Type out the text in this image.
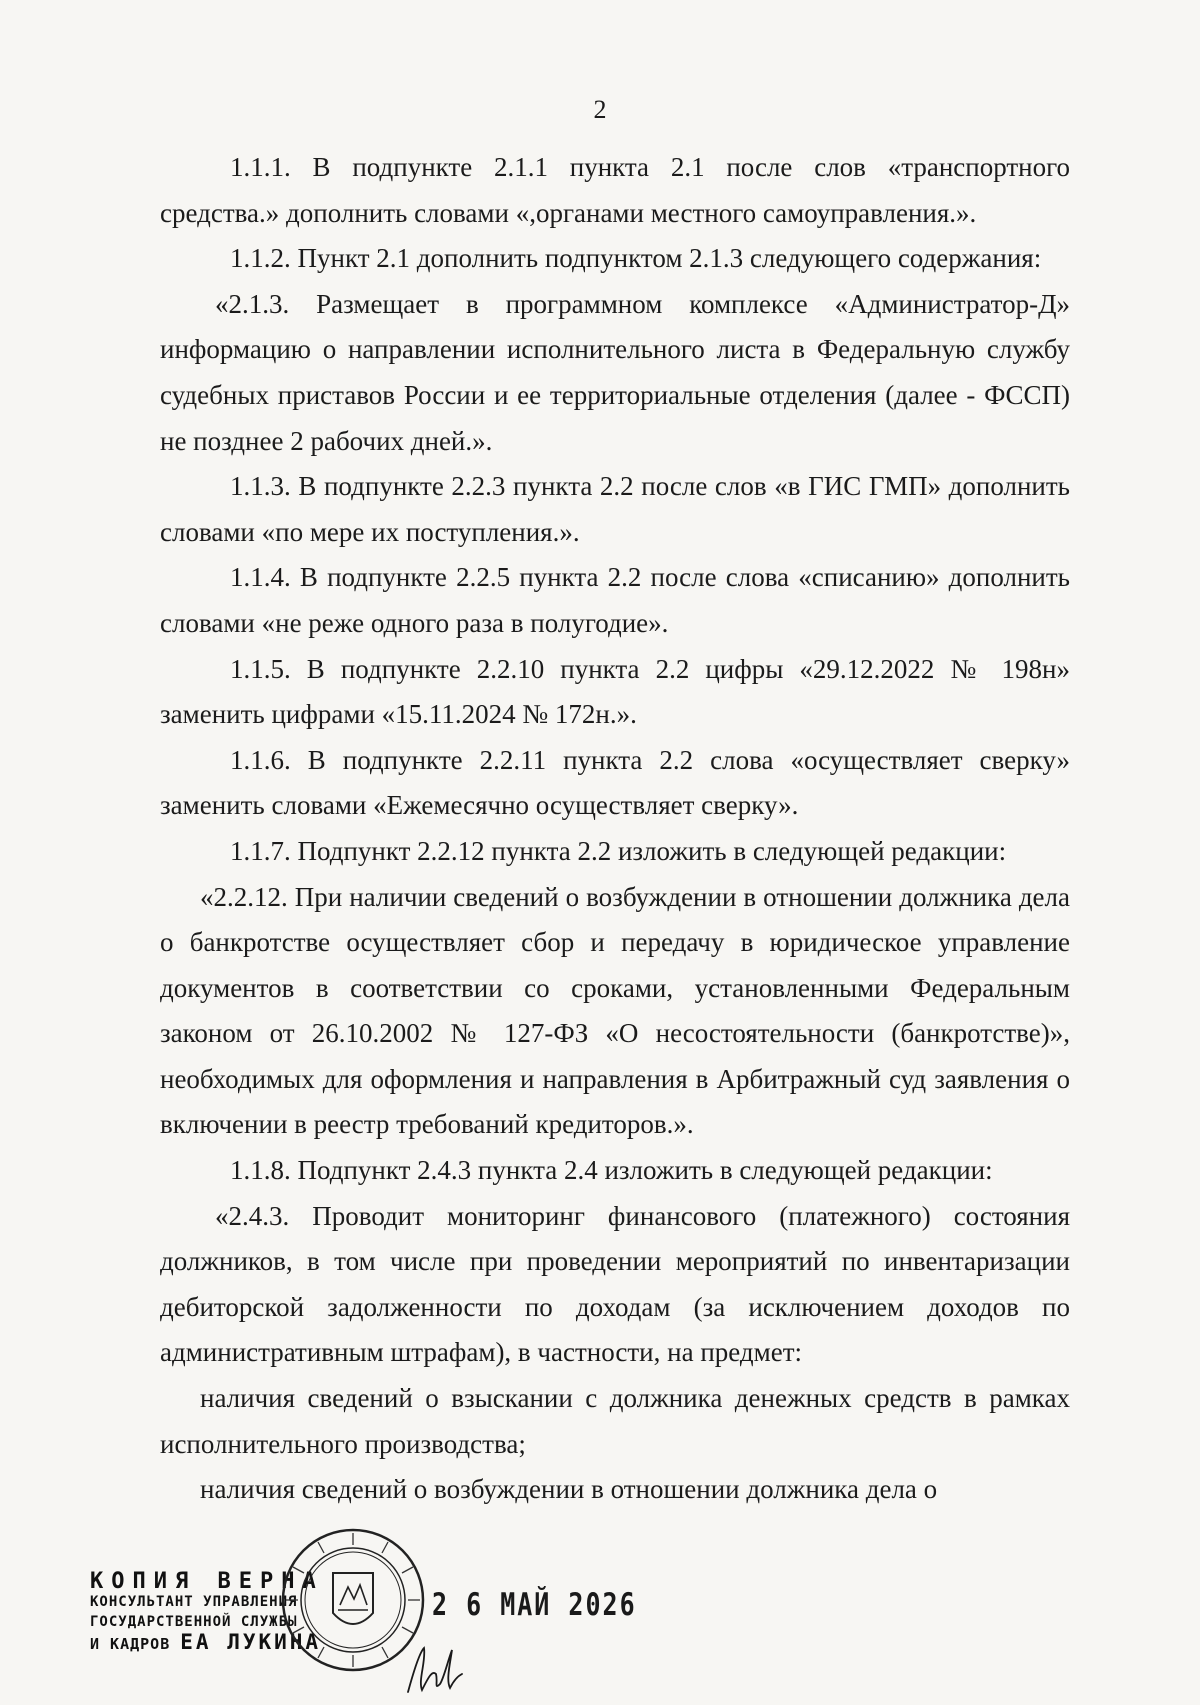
2

1.1.1. В подпункте 2.1.1 пункта 2.1 после слов «транспортного средства.» дополнить словами «,органами местного самоуправления.».

1.1.2. Пункт 2.1 дополнить подпунктом 2.1.3 следующего содержания:

«2.1.3. Размещает в программном комплексе «Администратор-Д» информацию о направлении исполнительного листа в Федеральную службу судебных приставов России и ее территориальные отделения (далее - ФССП) не позднее 2 рабочих дней.».

1.1.3. В подпункте 2.2.3 пункта 2.2 после слов «в ГИС ГМП» дополнить словами «по мере их поступления.».

1.1.4. В подпункте 2.2.5 пункта 2.2 после слова «списанию» дополнить словами «не реже одного раза в полугодие».

1.1.5. В подпункте 2.2.10 пункта 2.2 цифры «29.12.2022 № 198н» заменить цифрами «15.11.2024 № 172н.».

1.1.6. В подпункте 2.2.11 пункта 2.2 слова «осуществляет сверку» заменить словами «Ежемесячно осуществляет сверку».

1.1.7. Подпункт 2.2.12 пункта 2.2 изложить в следующей редакции:

«2.2.12. При наличии сведений о возбуждении в отношении должника дела о банкротстве осуществляет сбор и передачу в юридическое управление документов в соответствии со сроками, установленными Федеральным законом от 26.10.2002 № 127-ФЗ «О несостоятельности (банкротстве)», необходимых для оформления и направления в Арбитражный суд заявления о включении в реестр требований кредиторов.».

1.1.8. Подпункт 2.4.3 пункта 2.4 изложить в следующей редакции:

«2.4.3. Проводит мониторинг финансового (платежного) состояния должников, в том числе при проведении мероприятий по инвентаризации дебиторской задолженности по доходам (за исключением доходов по административным штрафам), в частности, на предмет:

наличия сведений о взыскании с должника денежных средств в рамках исполнительного производства;

наличия сведений о возбуждении в отношении должника дела о

КОПИЯ ВЕРНА
КОНСУЛЬТАНТ УПРАВЛЕНИЯ
ГОСУДАРСТВЕННОЙ СЛУЖБЫ
И КАДРОВ ЕА ЛУКИНА
2 6 МАЙ 2026
